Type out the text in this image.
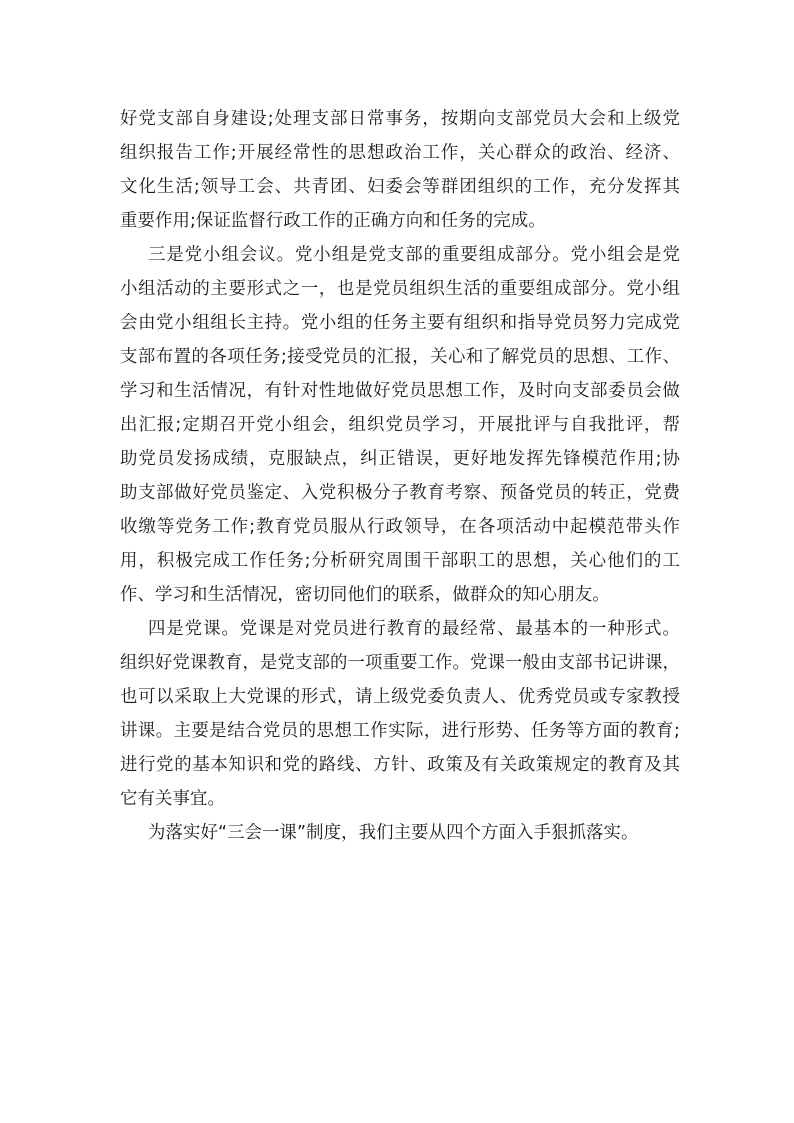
好党支部自身建设;处理支部日常事务，按期向支部党员大会和上级党
组织报告工作;开展经常性的思想政治工作，关心群众的政治、经济、
文化生活;领导工会、共青团、妇委会等群团组织的工作，充分发挥其
重要作用;保证监督行政工作的正确方向和任务的完成。
三是党小组会议。党小组是党支部的重要组成部分。党小组会是党
小组活动的主要形式之一，也是党员组织生活的重要组成部分。党小组
会由党小组组长主持。党小组的任务主要有组织和指导党员努力完成党
支部布置的各项任务;接受党员的汇报，关心和了解党员的思想、工作、
学习和生活情况，有针对性地做好党员思想工作，及时向支部委员会做
出汇报;定期召开党小组会，组织党员学习，开展批评与自我批评，帮
助党员发扬成绩，克服缺点，纠正错误，更好地发挥先锋模范作用;协
助支部做好党员鉴定、入党积极分子教育考察、预备党员的转正，党费
收缴等党务工作;教育党员服从行政领导，在各项活动中起模范带头作
用，积极完成工作任务;分析研究周围干部职工的思想，关心他们的工
作、学习和生活情况，密切同他们的联系，做群众的知心朋友。
四是党课。党课是对党员进行教育的最经常、最基本的一种形式。
组织好党课教育，是党支部的一项重要工作。党课一般由支部书记讲课，
也可以采取上大党课的形式，请上级党委负责人、优秀党员或专家教授
讲课。主要是结合党员的思想工作实际，进行形势、任务等方面的教育;
进行党的基本知识和党的路线、方针、政策及有关政策规定的教育及其
它有关事宜。
为落实好“三会一课”制度，我们主要从四个方面入手狠抓落实。
